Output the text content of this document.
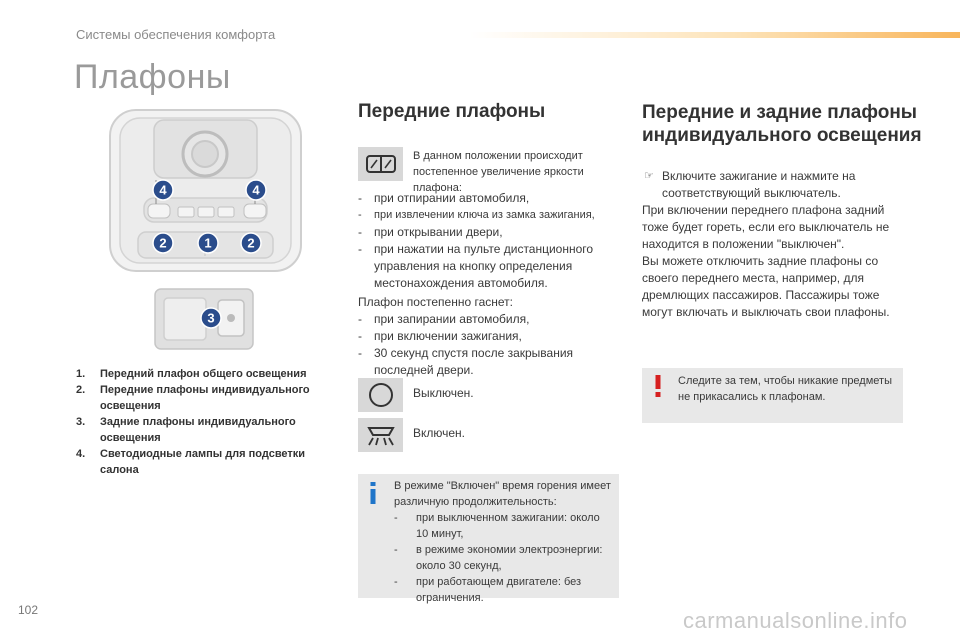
Системы обеспечения комфорта
Плафоны
4	4
2	1	2
3
1.	Передний плафон общего освещения
2.	Передние плафоны индивидуального освещения
3.	Задние плафоны индивидуального освещения
4.	Светодиодные лампы для подсветки салона
Передние плафоны
В данном положении происходит постепенное увеличение яркости плафона:
- при отпирании автомобиля,
- при извлечении ключа из замка зажигания,
- при открывании двери,
- при нажатии на пульте дистанционного управления на кнопку определения местонахождения автомобиля.
Плафон постепенно гаснет:
- при запирании автомобиля,
- при включении зажигания,
- 30 секунд спустя после закрывания последней двери.
Выключен.
Включен.
В режиме "Включен" время горения имеет различную продолжительность:
- при выключенном зажигании: около 10 минут,
- в режиме экономии электроэнергии: около 30 секунд,
- при работающем двигателе: без ограничения.
Передние и задние плафоны индивидуального освещения
☞ Включите зажигание и нажмите на соответствующий выключатель.
При включении переднего плафона задний тоже будет гореть, если его выключатель не находится в положении "выключен".
Вы можете отключить задние плафоны со своего переднего места, например, для дремлющих пассажиров. Пассажиры тоже могут включать и выключать свои плафоны.
Следите за тем, чтобы никакие предметы не прикасались к плафонам.
102	carmanualsonline.info
